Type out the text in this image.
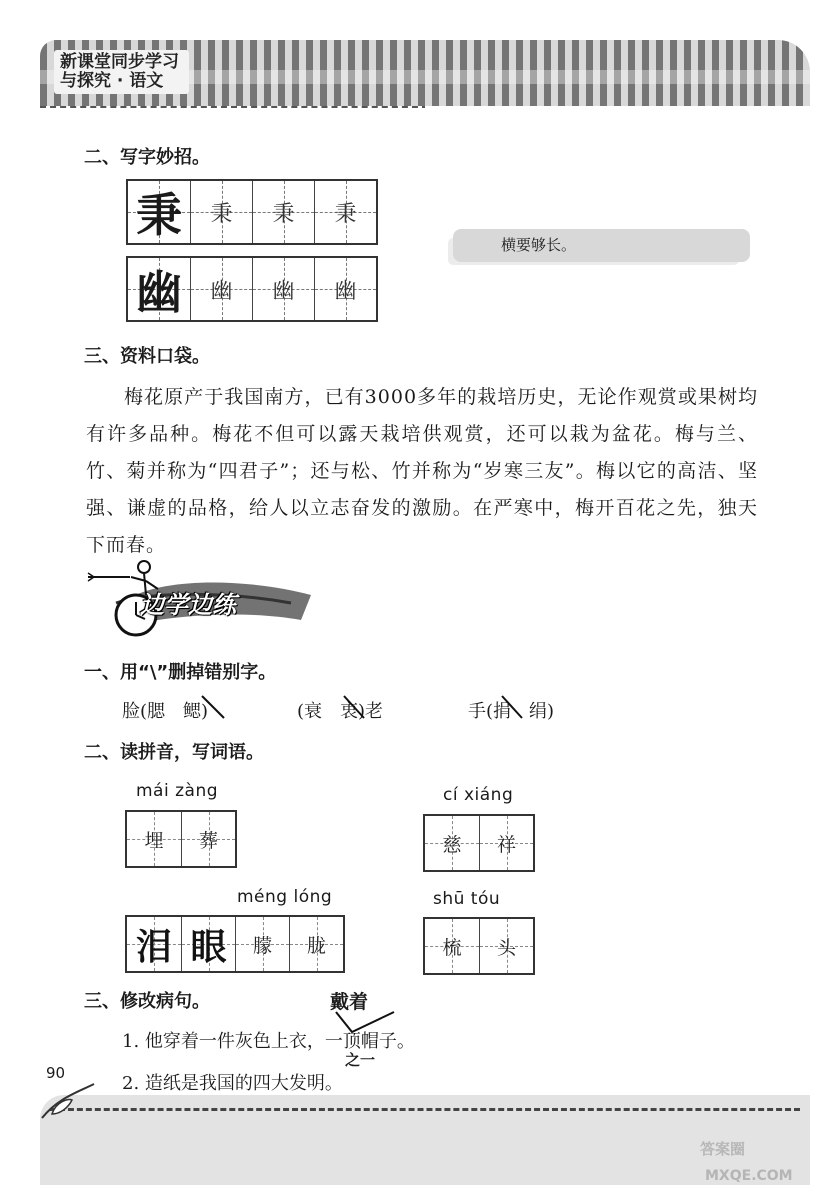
新课堂同步学习
与探究 · 语文
二、写字妙招。
秉 秉 秉 秉
幽 幽 幽 幽
横要够长。
三、资料口袋。
梅花原产于我国南方，已有3000多年的栽培历史，无论作观赏或果树均有许多品种。梅花不但可以露天栽培供观赏，还可以栽为盆花。梅与兰、竹、菊并称为“四君子”；还与松、竹并称为“岁寒三友”。梅以它的高洁、坚强、谦虚的品格，给人以立志奋发的激励。在严寒中，梅开百花之先，独天下而春。
边学边练
一、用“\”删掉错别字。
脸(腮　鳃)	(衰　衷)老	手(捐　绢)
二、读拼音，写词语。
mái zàng
埋 葬
cí xiáng
慈 祥
méng lóng
泪 眼 朦 胧
shū tóu
梳 头
三、修改病句。	戴着
1. 他穿着一件灰色上衣，一顶帽子。
之一
2. 造纸是我国的四大发明。
90
答案圈
MXQE.COM
